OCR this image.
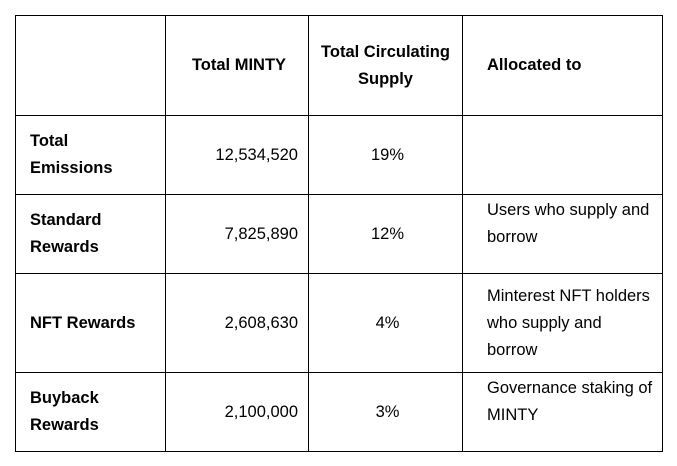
	Total MINTY	Total Circulating Supply	Allocated to
Total Emissions	12,534,520	19%	
Standard Rewards	7,825,890	12%	Users who supply and borrow
NFT Rewards	2,608,630	4%	Minterest NFT holders who supply and borrow
Buyback Rewards	2,100,000	3%	Governance staking of MINTY
